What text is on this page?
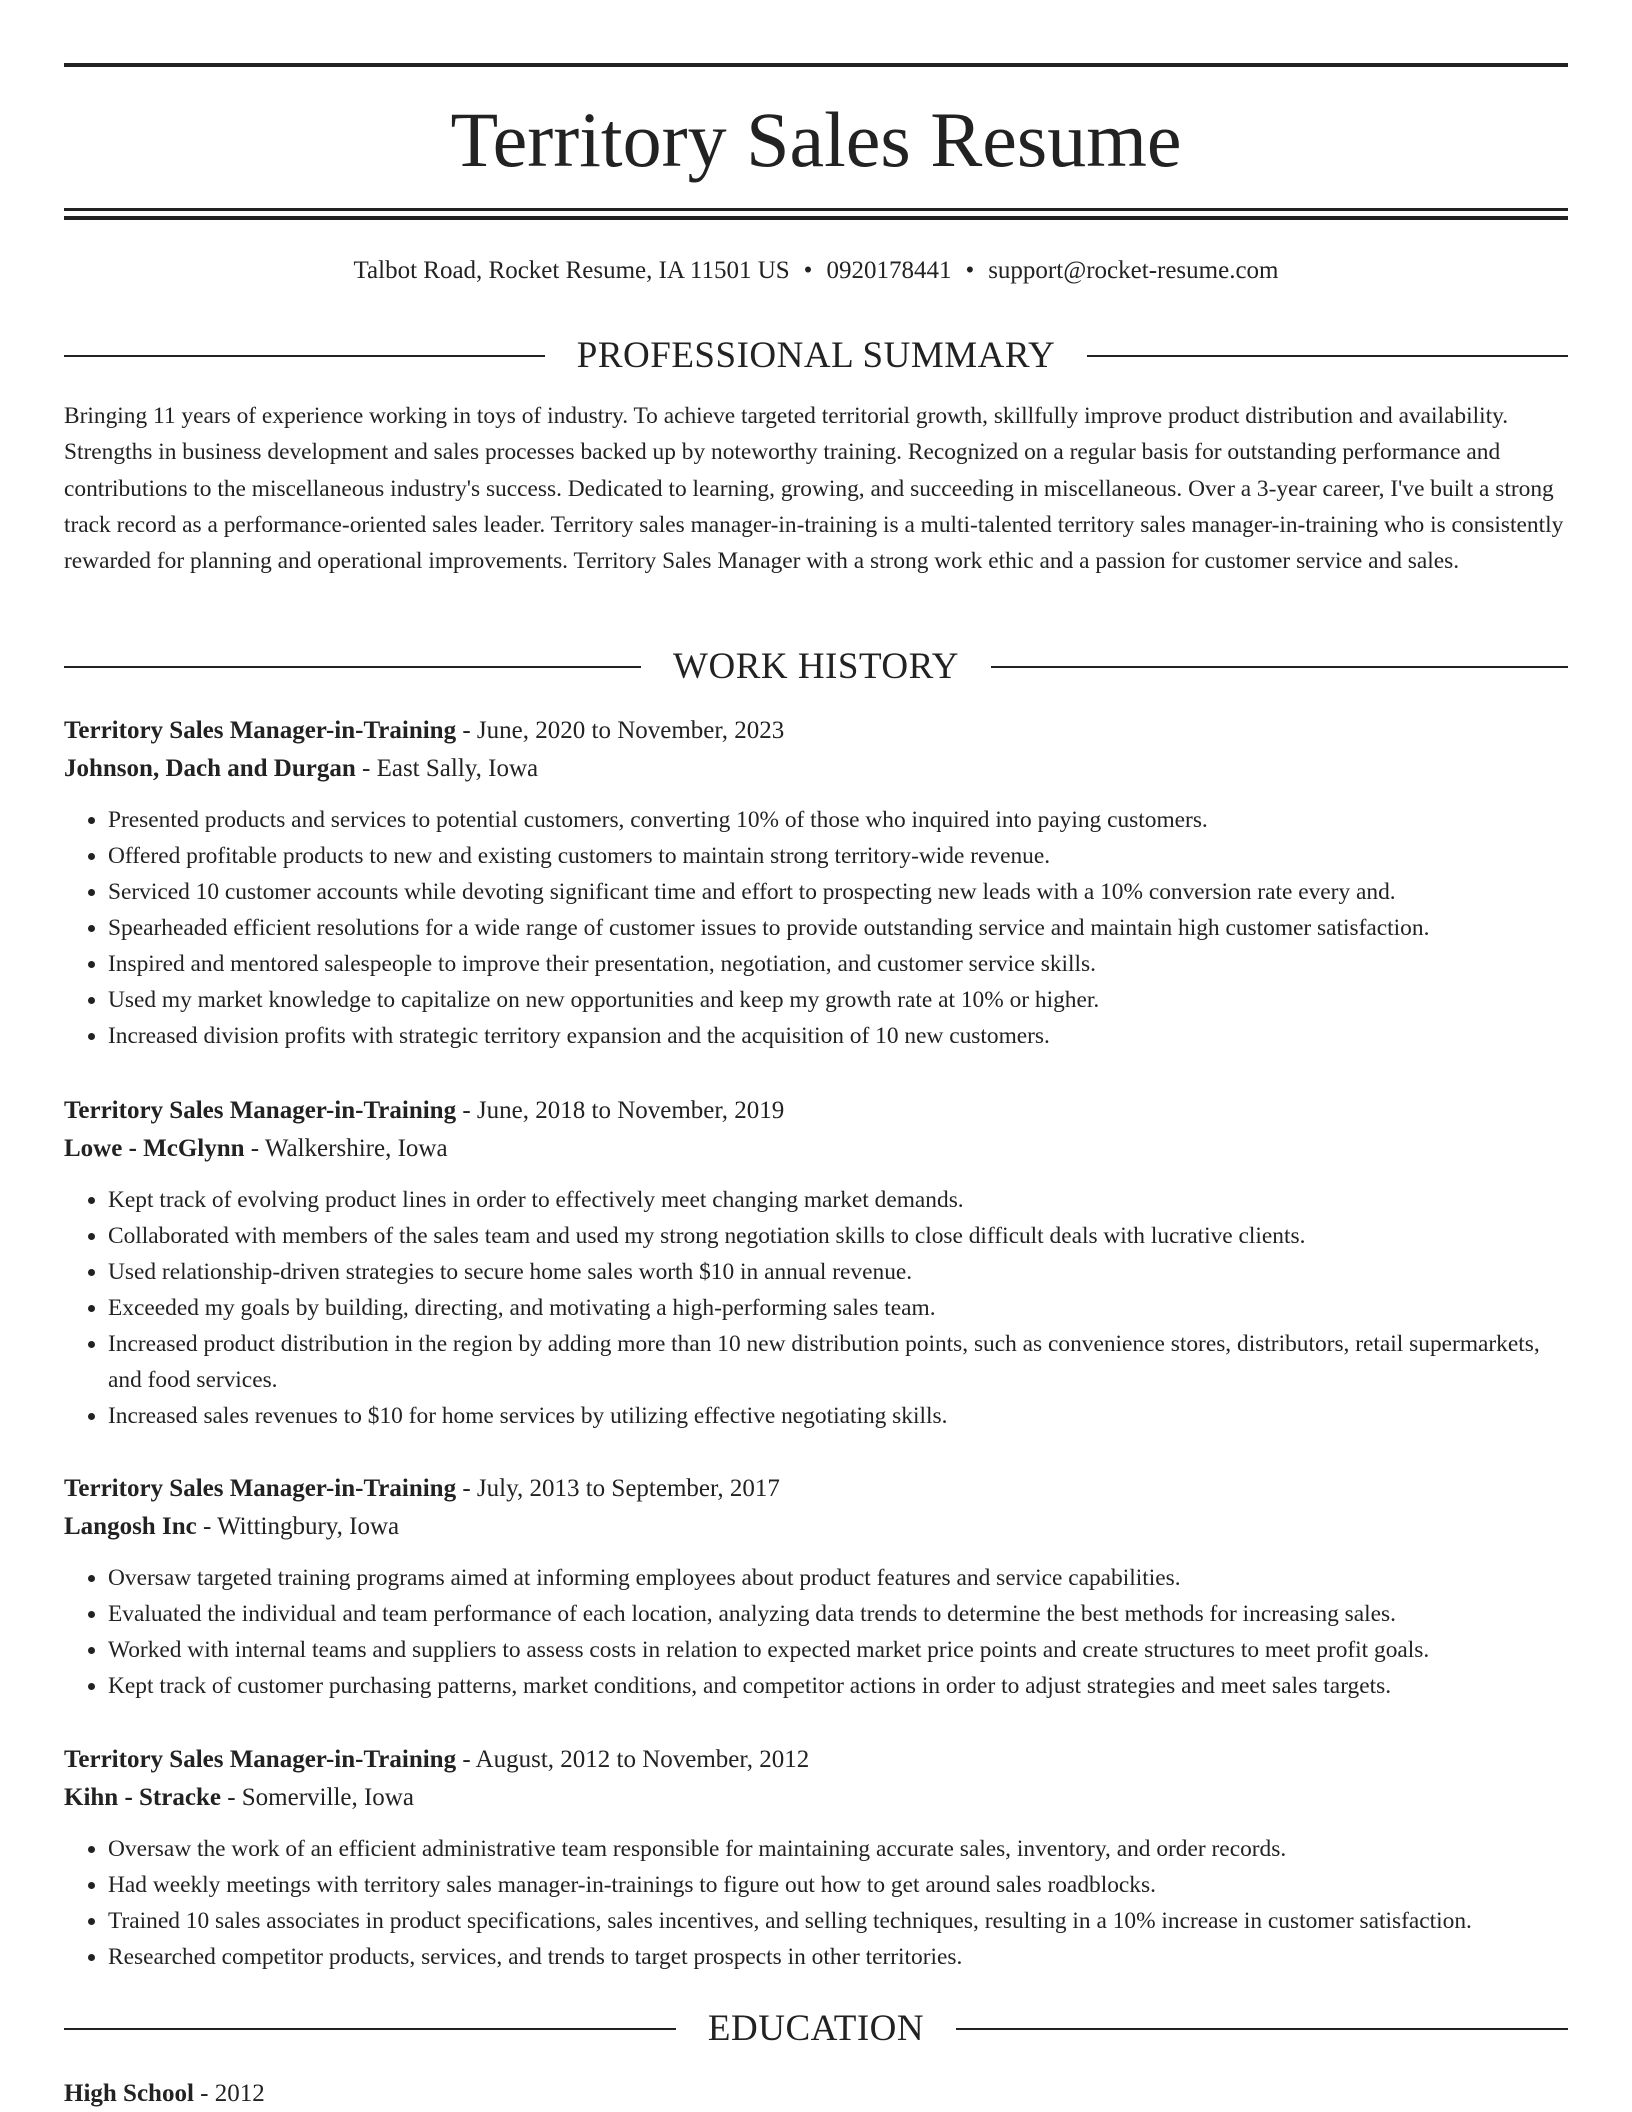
Territory Sales Resume
Talbot Road, Rocket Resume, IA 11501 US • 0920178441 • support@rocket-resume.com
PROFESSIONAL SUMMARY

Bringing 11 years of experience working in toys of industry. To achieve targeted territorial growth, skillfully improve product distribution and availability. Strengths in business development and sales processes backed up by noteworthy training. Recognized on a regular basis for outstanding performance and contributions to the miscellaneous industry's success. Dedicated to learning, growing, and succeeding in miscellaneous. Over a 3-year career, I've built a strong track record as a performance-oriented sales leader. Territory sales manager-in-training is a multi-talented territory sales manager-in-training who is consistently rewarded for planning and operational improvements. Territory Sales Manager with a strong work ethic and a passion for customer service and sales.

WORK HISTORY
Territory Sales Manager-in-Training - June, 2020 to November, 2023
Johnson, Dach and Durgan - East Sally, Iowa
• Presented products and services to potential customers, converting 10% of those who inquired into paying customers.
• Offered profitable products to new and existing customers to maintain strong territory-wide revenue.
• Serviced 10 customer accounts while devoting significant time and effort to prospecting new leads with a 10% conversion rate every and.
• Spearheaded efficient resolutions for a wide range of customer issues to provide outstanding service and maintain high customer satisfaction.
• Inspired and mentored salespeople to improve their presentation, negotiation, and customer service skills.
• Used my market knowledge to capitalize on new opportunities and keep my growth rate at 10% or higher.
• Increased division profits with strategic territory expansion and the acquisition of 10 new customers.
Territory Sales Manager-in-Training - June, 2018 to November, 2019
Lowe - McGlynn - Walkershire, Iowa
• Kept track of evolving product lines in order to effectively meet changing market demands.
• Collaborated with members of the sales team and used my strong negotiation skills to close difficult deals with lucrative clients.
• Used relationship-driven strategies to secure home sales worth $10 in annual revenue.
• Exceeded my goals by building, directing, and motivating a high-performing sales team.
• Increased product distribution in the region by adding more than 10 new distribution points, such as convenience stores, distributors, retail supermarkets, and food services.
• Increased sales revenues to $10 for home services by utilizing effective negotiating skills.
Territory Sales Manager-in-Training - July, 2013 to September, 2017
Langosh Inc - Wittingbury, Iowa
• Oversaw targeted training programs aimed at informing employees about product features and service capabilities.
• Evaluated the individual and team performance of each location, analyzing data trends to determine the best methods for increasing sales.
• Worked with internal teams and suppliers to assess costs in relation to expected market price points and create structures to meet profit goals.
• Kept track of customer purchasing patterns, market conditions, and competitor actions in order to adjust strategies and meet sales targets.
Territory Sales Manager-in-Training - August, 2012 to November, 2012
Kihn - Stracke - Somerville, Iowa
• Oversaw the work of an efficient administrative team responsible for maintaining accurate sales, inventory, and order records.
• Had weekly meetings with territory sales manager-in-trainings to figure out how to get around sales roadblocks.
• Trained 10 sales associates in product specifications, sales incentives, and selling techniques, resulting in a 10% increase in customer satisfaction.
• Researched competitor products, services, and trends to target prospects in other territories.
EDUCATION
High School - 2012
